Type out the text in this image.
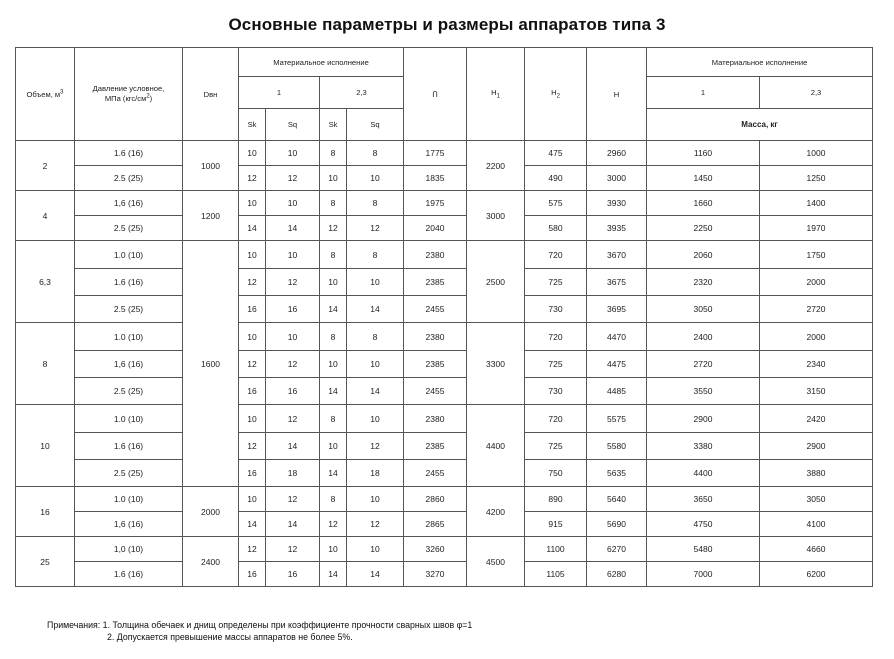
Основные параметры и размеры аппаратов типа 3
Объем, $м^3$	Давление условное,
МПа $(кгс/см^2)$	Dвн	Материальное исполнение				Ո	$H_1$	$H_2$	H	Материальное исполнение	
			1		2,3						1	2,3
			Sk	Sq	Sk	Sq					Масса, кг	
2	1.6 (16)	1000	10	10	8	8	1775	2200	475	2960	1160	1000
	2.5 (25)		12	12	10	10	1835		490	3000	1450	1250
4	1,6 (16)	1200	10	10	8	8	1975	3000	575	3930	1660	1400
	2.5 (25)		14	14	12	12	2040		580	3935	2250	1970
6,3	1.0 (10)	1600	10	10	8	8	2380	2500	720	3670	2060	1750
	1.6 (16)		12	12	10	10	2385		725	3675	2320	2000
	2.5 (25)		16	16	14	14	2455		730	3695	3050	2720
8	1.0 (10)		10	10	8	8	2380	3300	720	4470	2400	2000
	1,6 (16)		12	12	10	10	2385		725	4475	2720	2340
	2.5 (25)		16	16	14	14	2455		730	4485	3550	3150
10	1.0 (10)		10	12	8	10	2380	4400	720	5575	2900	2420
	1.6 (16)		12	14	10	12	2385		725	5580	3380	2900
	2.5 (25)		16	18	14	18	2455		750	5635	4400	3880
16	1.0 (10)	2000	10	12	8	10	2860	4200	890	5640	3650	3050
	1,6 (16)		14	14	12	12	2865		915	5690	4750	4100
25	1,0 (10)	2400	12	12	10	10	3260	4500	1100	6270	5480	4660
	1.6 (16)		16	16	14	14	3270		1105	6280	7000	6200
Примечания: 1. Толщина обечаек и днищ определены при коэффициенте прочности сварных швов φ=1
2. Допускается превышение массы аппаратов не более 5%.
